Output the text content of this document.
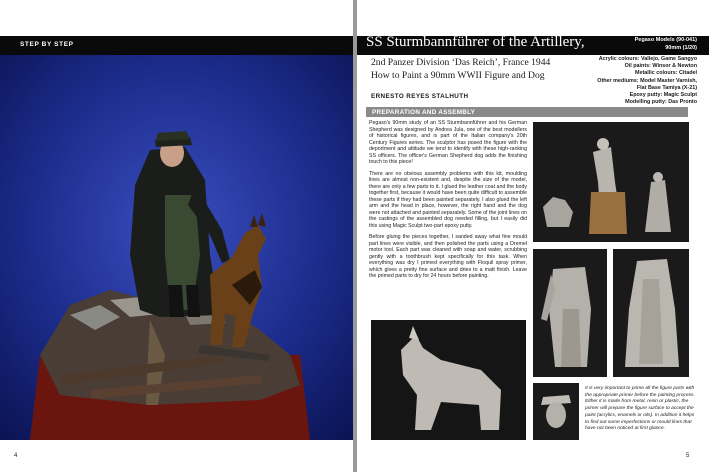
STEP BY STEP
4
SS Sturmbannführer of the Artillery,	Pegaso Models (90-041)
90mm (1/20)
2nd Panzer Division ‘Das Reich’, France 1944
How to Paint a 90mm WWII Figure and Dog
ERNESTO REYES STALHUTH
Acrylic colours: Vallejo, Game Sangyo
Oil paints: Winsor & Newton
Metallic colours: Citadel
Other mediums: Model Master Varnish,
Flat Base Tamiya (X-21)
Epoxy putty: Magic Sculpt
Modelling putty: Das Pronto
PREPARATION AND ASSEMBLY

Pegaso's 90mm study of an SS Sturmbannführer and his German Shepherd was designed by Andrea Jula, one of the best modellers of historical figures, and is part of the Italian company's 20th Century Figures series. The sculptor has posed the figure with the deportment and attitude we tend to identify with these high-ranking SS officers. The officer's German Shepherd dog adds the finishing touch to this piece!

There are no obvious assembly problems with this kit, moulding lines are almost non-existent and, despite the size of the model, there are only a few parts to it. I glued the leather coat and the body together first, because it would have been quite difficult to assemble these parts if they had been painted separately. I also glued the left arm and the head in place, however, the right hand and the dog were not attached and painted separately. Some of the joint lines on the castings of the assembled dog needed filling, but I easily did this using Magic Sculpt two-part epoxy putty.

Before gluing the pieces together, I sanded away what fine mould part lines were visible, and then polished the parts using a Dremel motor tool. Each part was cleaned with soap and water, scrubbing gently with a toothbrush kept specifically for this task. When everything was dry I primed everything with Floquil spray primer, which gives a pretty fine surface and dries to a matt finish. Leave the primed parts to dry for 24 hours before painting.

It is very important to prime all the figure parts with the appropriate primer before the painting process. Either it is made from metal, resin or plastic, the primer will prepare the figure surface to accept the paint (acrylics, enamels or oils). In addition it helps to find out some imperfections or mould lines that have not been noticed at first glance.
5
